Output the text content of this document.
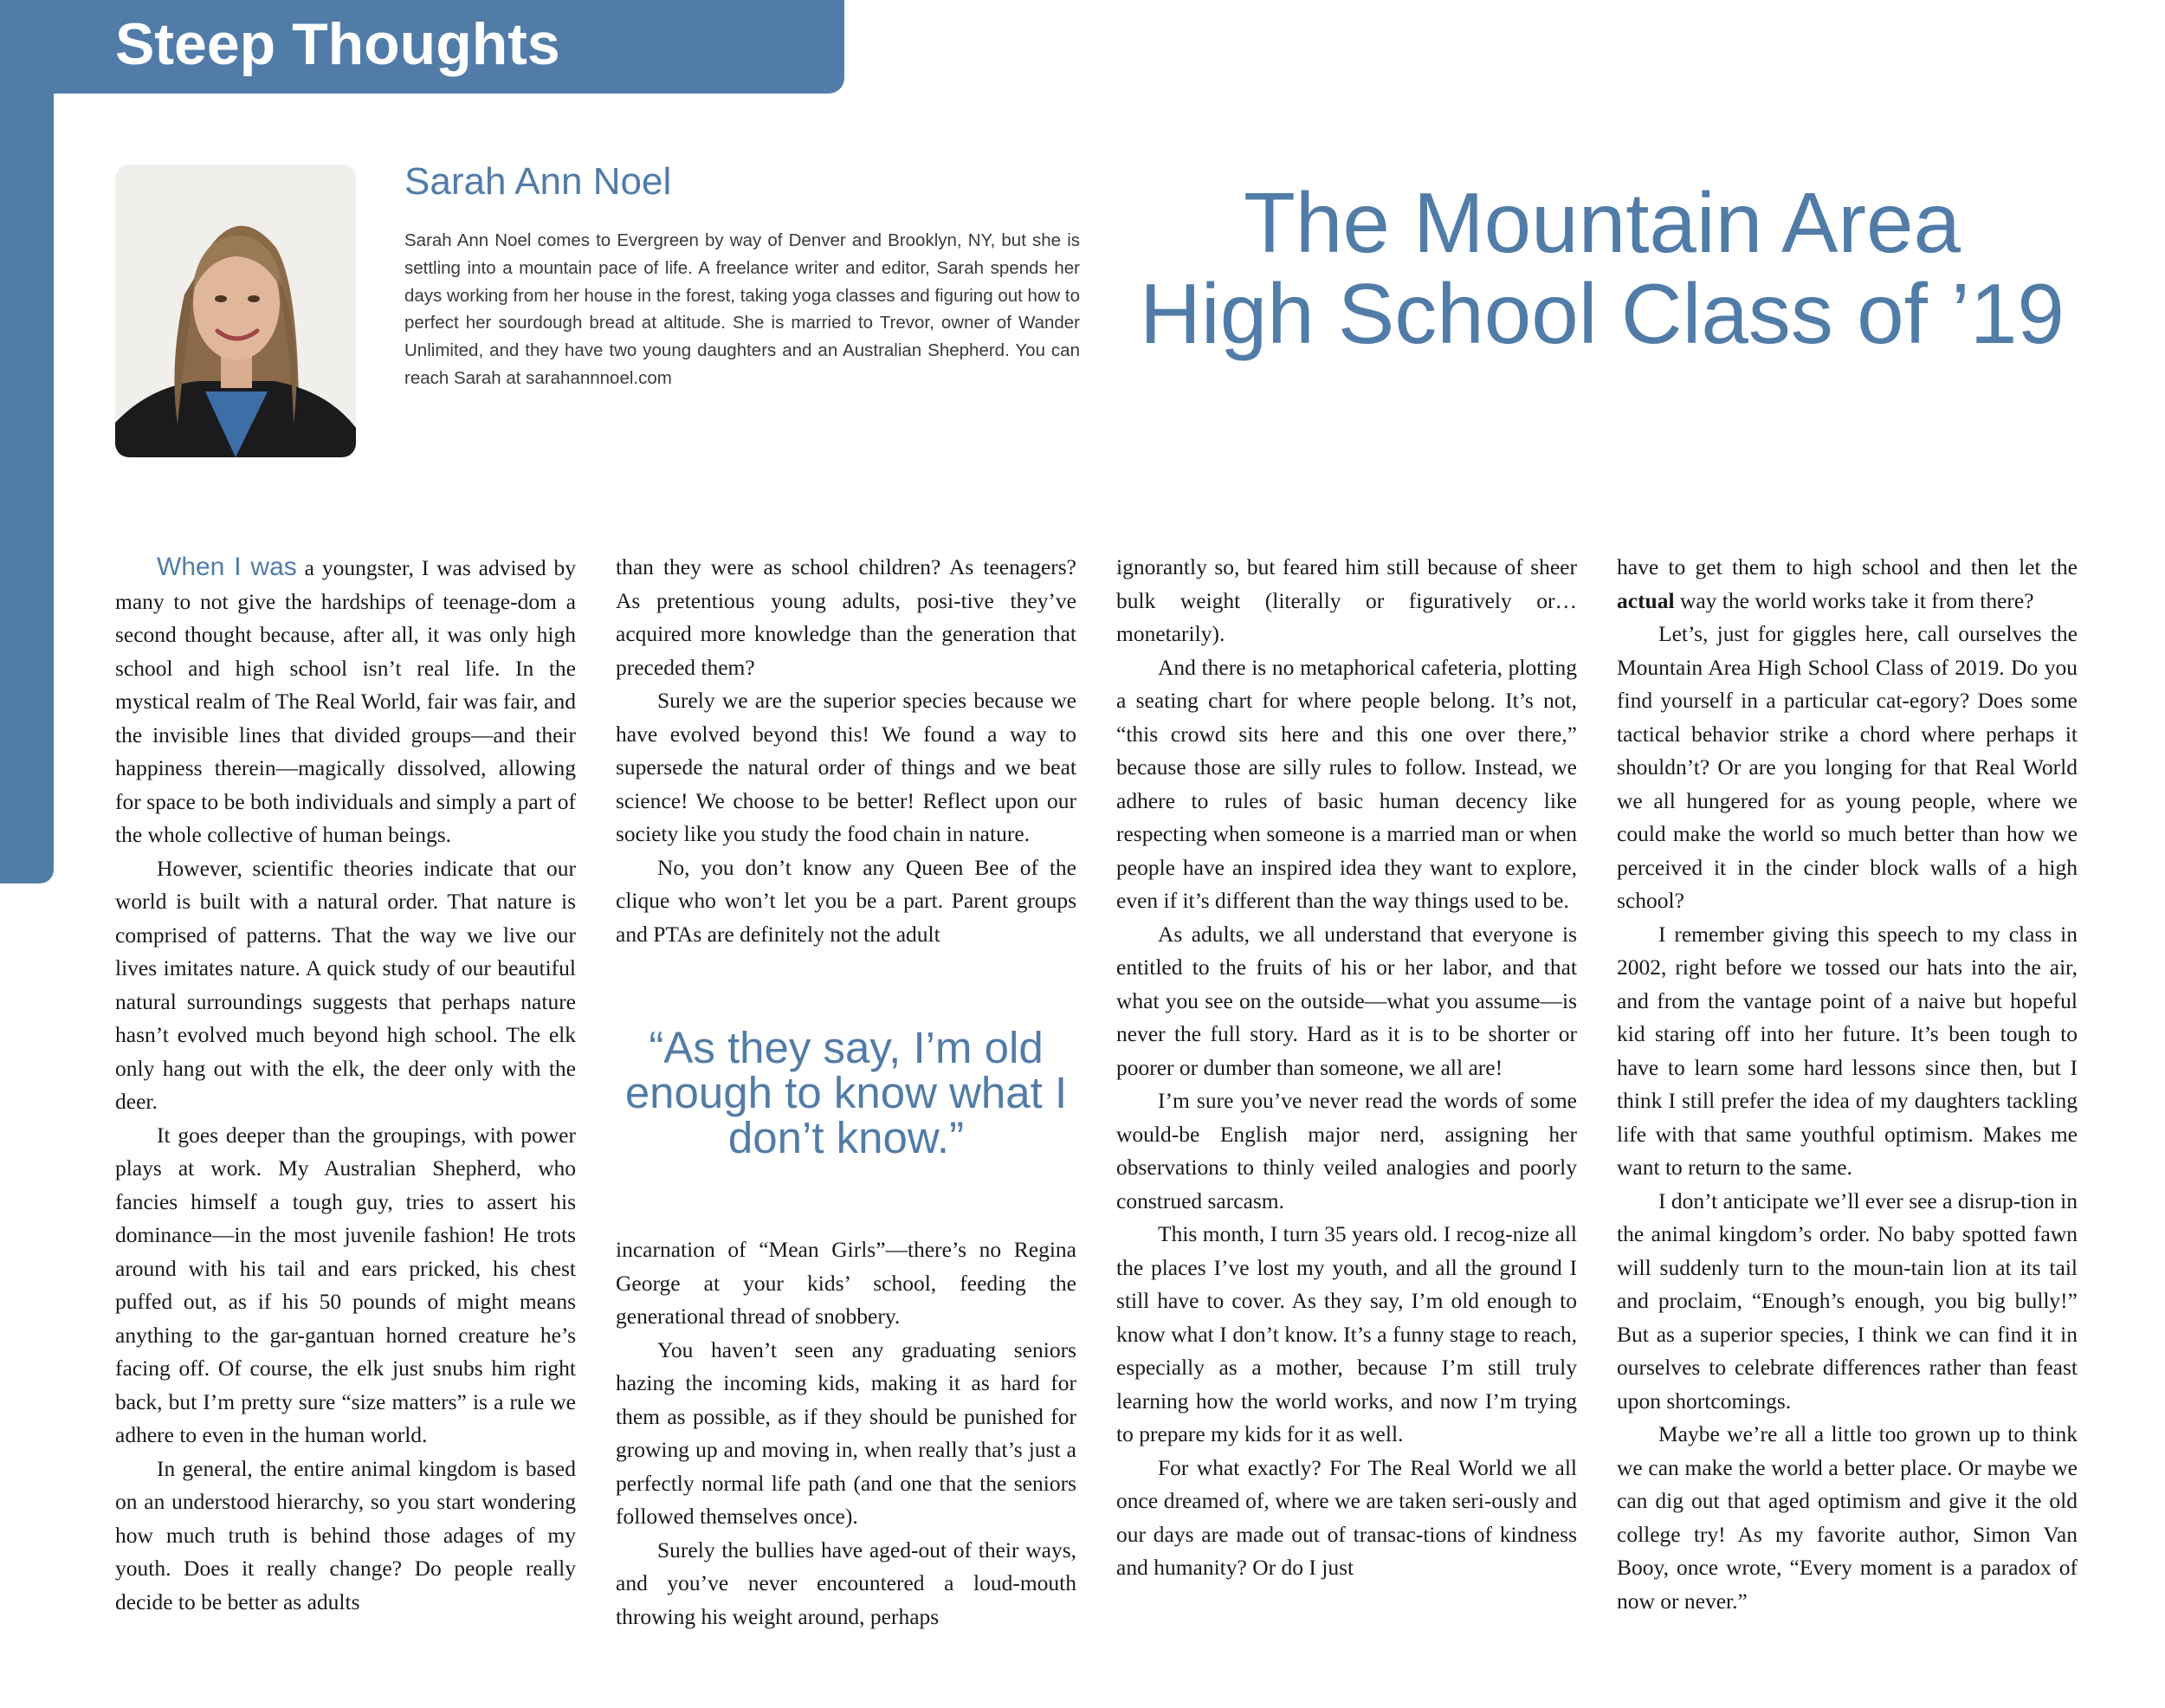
Steep Thoughts
Sarah Ann Noel

Sarah Ann Noel comes to Evergreen by way of Denver and Brooklyn, NY, but she is settling into a mountain pace of life. A freelance writer and editor, Sarah spends her days working from her house in the forest, taking yoga classes and figuring out how to perfect her sourdough bread at altitude. She is married to Trevor, owner of Wander Unlimited, and they have two young daughters and an Australian Shepherd. You can reach Sarah at sarahannnoel.com

The Mountain Area
High School Class of ’19

When I was a youngster, I was advised by many to not give the hardships of teenage-dom a second thought because, after all, it was only high school and high school isn’t real life. In the mystical realm of The Real World, fair was fair, and the invisible lines that divided groups—and their happiness therein—magically dissolved, allowing for space to be both individuals and simply a part of the whole collective of human beings.

However, scientific theories indicate that our world is built with a natural order. That nature is comprised of patterns. That the way we live our lives imitates nature. A quick study of our beautiful natural surroundings suggests that perhaps nature hasn’t evolved much beyond high school. The elk only hang out with the elk, the deer only with the deer.

It goes deeper than the groupings, with power plays at work. My Australian Shepherd, who fancies himself a tough guy, tries to assert his dominance—in the most juvenile fashion! He trots around with his tail and ears pricked, his chest puffed out, as if his 50 pounds of might means anything to the gar-gantuan horned creature he’s facing off. Of course, the elk just snubs him right back, but I’m pretty sure “size matters” is a rule we adhere to even in the human world.

In general, the entire animal kingdom is based on an understood hierarchy, so you start wondering how much truth is behind those adages of my youth. Does it really change? Do people really decide to be better as adults

than they were as school children? As teenagers? As pretentious young adults, posi-tive they’ve acquired more knowledge than the generation that preceded them?

Surely we are the superior species because we have evolved beyond this! We found a way to supersede the natural order of things and we beat science! We choose to be better! Reflect upon our society like you study the food chain in nature.

No, you don’t know any Queen Bee of the clique who won’t let you be a part. Parent groups and PTAs are definitely not the adult

“As they say, I’m old enough to know what I don’t know.”

incarnation of “Mean Girls”—there’s no Regina George at your kids’ school, feeding the generational thread of snobbery.

You haven’t seen any graduating seniors hazing the incoming kids, making it as hard for them as possible, as if they should be punished for growing up and moving in, when really that’s just a perfectly normal life path (and one that the seniors followed themselves once).

Surely the bullies have aged-out of their ways, and you’ve never encountered a loud-mouth throwing his weight around, perhaps

ignorantly so, but feared him still because of sheer bulk weight (literally or figuratively or… monetarily).

And there is no metaphorical cafeteria, plotting a seating chart for where people belong. It’s not, “this crowd sits here and this one over there,” because those are silly rules to follow. Instead, we adhere to rules of basic human decency like respecting when someone is a married man or when people have an inspired idea they want to explore, even if it’s different than the way things used to be.

As adults, we all understand that everyone is entitled to the fruits of his or her labor, and that what you see on the outside—what you assume—is never the full story. Hard as it is to be shorter or poorer or dumber than someone, we all are!

I’m sure you’ve never read the words of some would-be English major nerd, assigning her observations to thinly veiled analogies and poorly construed sarcasm.

This month, I turn 35 years old. I recog-nize all the places I’ve lost my youth, and all the ground I still have to cover. As they say, I’m old enough to know what I don’t know. It’s a funny stage to reach, especially as a mother, because I’m still truly learning how the world works, and now I’m trying to prepare my kids for it as well.

For what exactly? For The Real World we all once dreamed of, where we are taken seri-ously and our days are made out of transac-tions of kindness and humanity? Or do I just

have to get them to high school and then let the actual way the world works take it from there?

Let’s, just for giggles here, call ourselves the Mountain Area High School Class of 2019. Do you find yourself in a particular cat-egory? Does some tactical behavior strike a chord where perhaps it shouldn’t? Or are you longing for that Real World we all hungered for as young people, where we could make the world so much better than how we perceived it in the cinder block walls of a high school?

I remember giving this speech to my class in 2002, right before we tossed our hats into the air, and from the vantage point of a naive but hopeful kid staring off into her future. It’s been tough to have to learn some hard lessons since then, but I think I still prefer the idea of my daughters tackling life with that same youthful optimism. Makes me want to return to the same.

I don’t anticipate we’ll ever see a disrup-tion in the animal kingdom’s order. No baby spotted fawn will suddenly turn to the moun-tain lion at its tail and proclaim, “Enough’s enough, you big bully!” But as a superior species, I think we can find it in ourselves to celebrate differences rather than feast upon shortcomings.

Maybe we’re all a little too grown up to think we can make the world a better place. Or maybe we can dig out that aged optimism and give it the old college try! As my favorite author, Simon Van Booy, once wrote, “Every moment is a paradox of now or never.”
